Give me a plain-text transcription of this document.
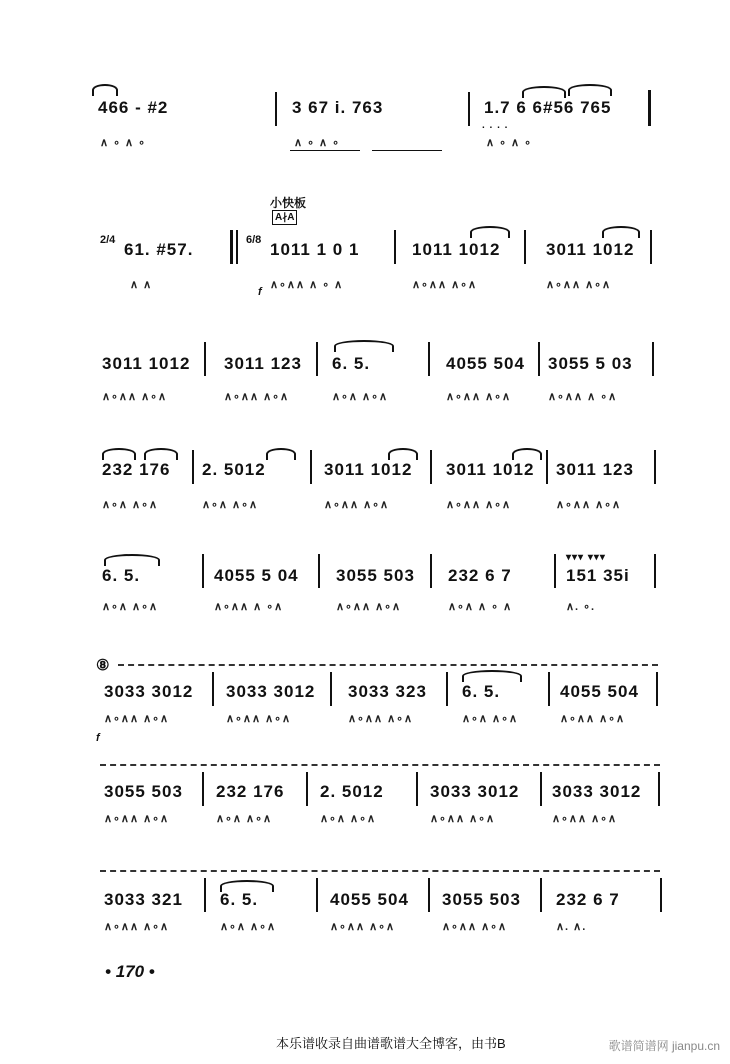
466 - #2	3 67 i. 763	1.7 6 6#56 765
. . . .
∧ ∘ ∧ ∘	∧ ∘ ∧ ∘	∧ ∘ ∧ ∘
小快板
A∤A
2/4 61. #57.	6/8 1011 1 0 1	1011 1012	3011 1012
∧ ∧	∧∘∧∧ ∧ ∘ ∧	∧∘∧∧ ∧∘∧	∧∘∧∧ ∧∘∧
f
3011 1012 3011 123 6. 5.	4055 504 3055 5 03
∧∘∧∧ ∧∘∧	∧∘∧∧ ∧∘∧	∧∘∧ ∧∘∧	∧∘∧∧ ∧∘∧	∧∘∧∧ ∧ ∘∧
232 176 2. 5012	3011 1012 3011 1012 3011 123
∧∘∧ ∧∘∧	∧∘∧ ∧∘∧	∧∘∧∧ ∧∘∧	∧∘∧∧ ∧∘∧	∧∘∧∧ ∧∘∧
6. 5.	4055 5 04 3055 503 232 6 7
▾▾▾ ▾▾▾
151 35i
∧∘∧ ∧∘∧	∧∘∧∧ ∧ ∘∧	∧∘∧∧ ∧∘∧	∧∘∧ ∧ ∘ ∧	∧. ∘.
⑧
3033 3012 3033 3012 3033 323 6. 5.	4055 504
∧∘∧∧ ∧∘∧	∧∘∧∧ ∧∘∧	∧∘∧∧ ∧∘∧	∧∘∧ ∧∘∧	∧∘∧∧ ∧∘∧
f
3055 503 232 176 2. 5012	3033 3012 3033 3012
∧∘∧∧ ∧∘∧	∧∘∧ ∧∘∧	∧∘∧ ∧∘∧	∧∘∧∧ ∧∘∧	∧∘∧∧ ∧∘∧
3033 321 6. 5.	4055 504 3055 503 232 6 7
∧∘∧∧ ∧∘∧	∧∘∧ ∧∘∧	∧∘∧∧ ∧∘∧	∧∘∧∧ ∧∘∧	∧. ∧.
• 170 •
本乐谱收录自曲谱歌谱大全博客，由书B	歌谱简谱网 jianpu.cn
